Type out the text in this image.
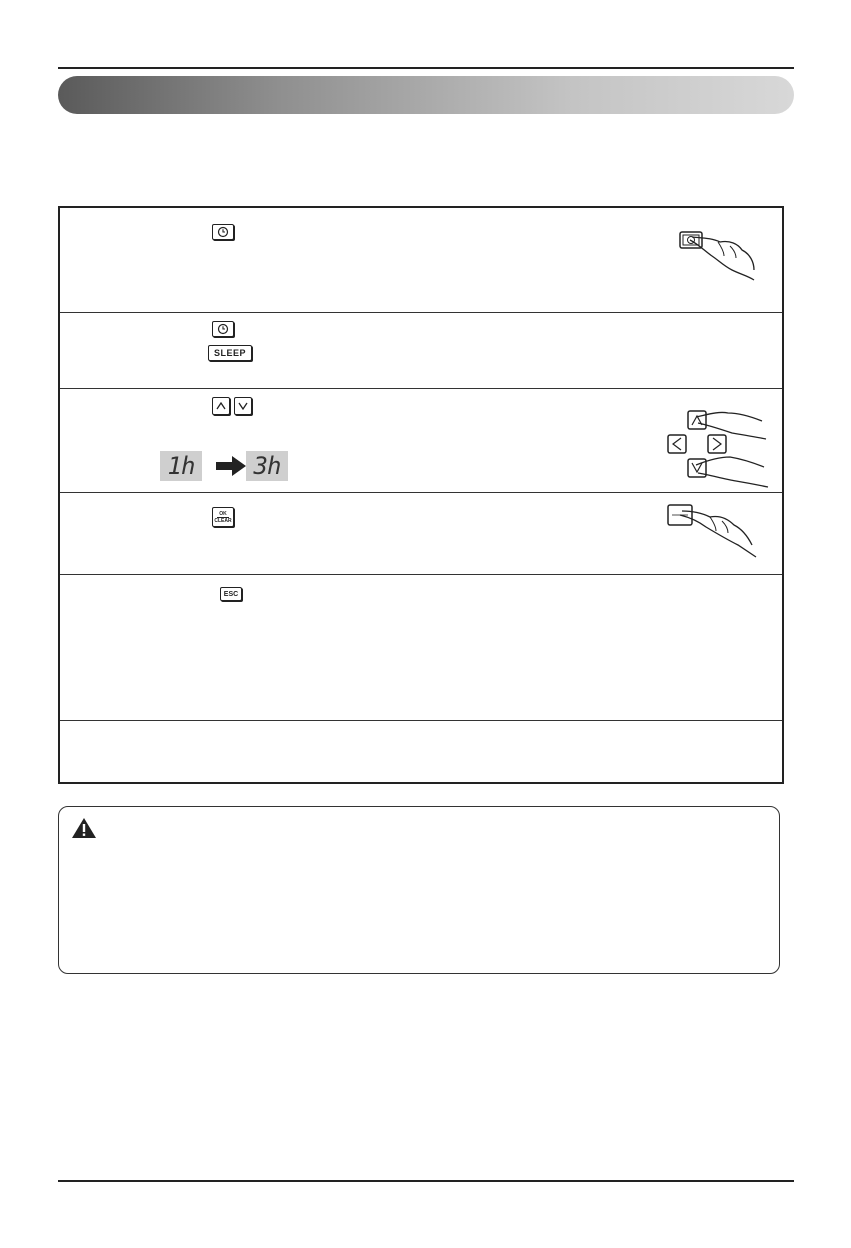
SLEEP
1h	3h
OK
CLEAR
ESC
